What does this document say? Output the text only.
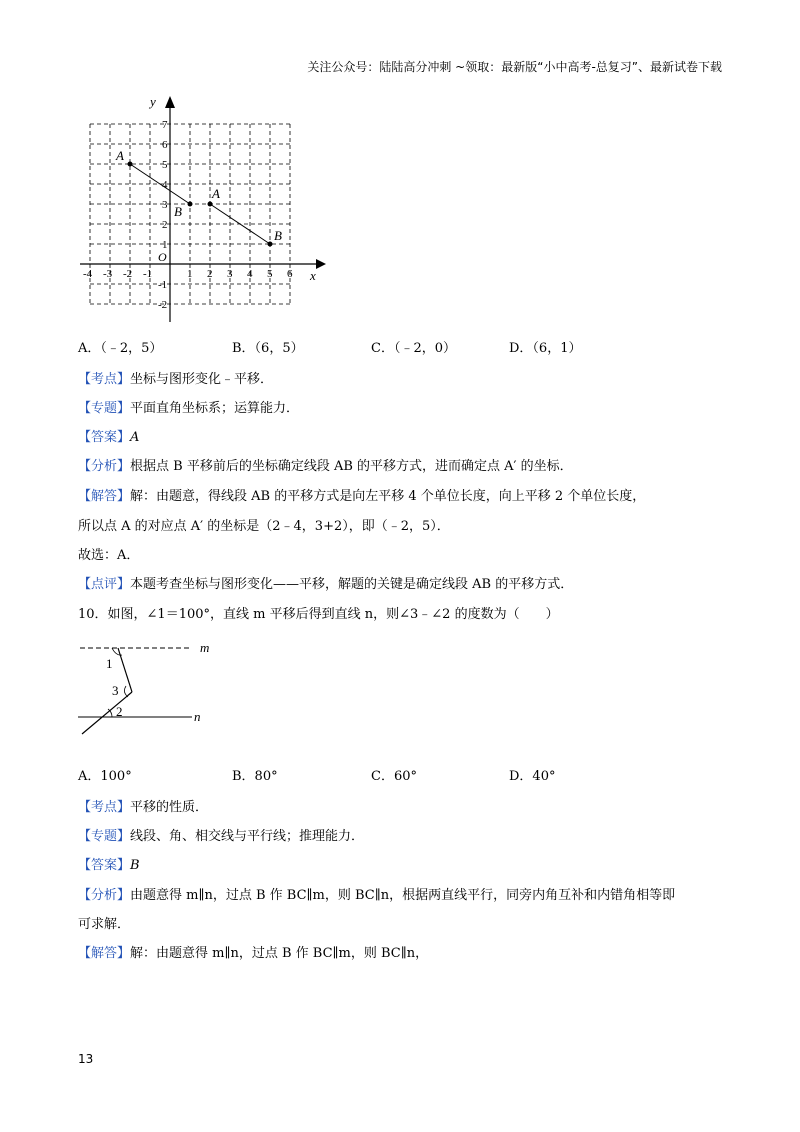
关注公众号：陆陆高分冲刺 ~领取：最新版“小中高考-总复习”、最新试卷下载
x
y
O
-4 -3 -2 -1	1 2 3 4 5 6
7
6
5
4
3
2
1
-1
-2
A
B
A
B
A．（﹣2，5）	B．（6，5）	C．（﹣2，0）	D．（6，1）
【考点】坐标与图形变化﹣平移．
【专题】平面直角坐标系；运算能力．
【答案】A
【分析】根据点 B 平移前后的坐标确定线段 AB 的平移方式，进而确定点 A′ 的坐标．
【解答】解：由题意，得线段 AB 的平移方式是向左平移 4 个单位长度，向上平移 2 个单位长度，
所以点 A 的对应点 A′ 的坐标是（2﹣4，3+2），即（﹣2，5）．
故选：A．
【点评】本题考查坐标与图形变化——平移，解题的关键是确定线段 AB 的平移方式．
10．如图，∠1＝100°，直线 m 平移后得到直线 n，则∠3﹣∠2 的度数为（　　）
m
n
1
3
2
A．100°	B．80°	C．60°	D．40°
【考点】平移的性质．
【专题】线段、角、相交线与平行线；推理能力．
【答案】B
【分析】由题意得 m∥n，过点 B 作 BC∥m，则 BC∥n，根据两直线平行，同旁内角互补和内错角相等即
可求解．
【解答】解：由题意得 m∥n，过点 B 作 BC∥m，则 BC∥n，
13
